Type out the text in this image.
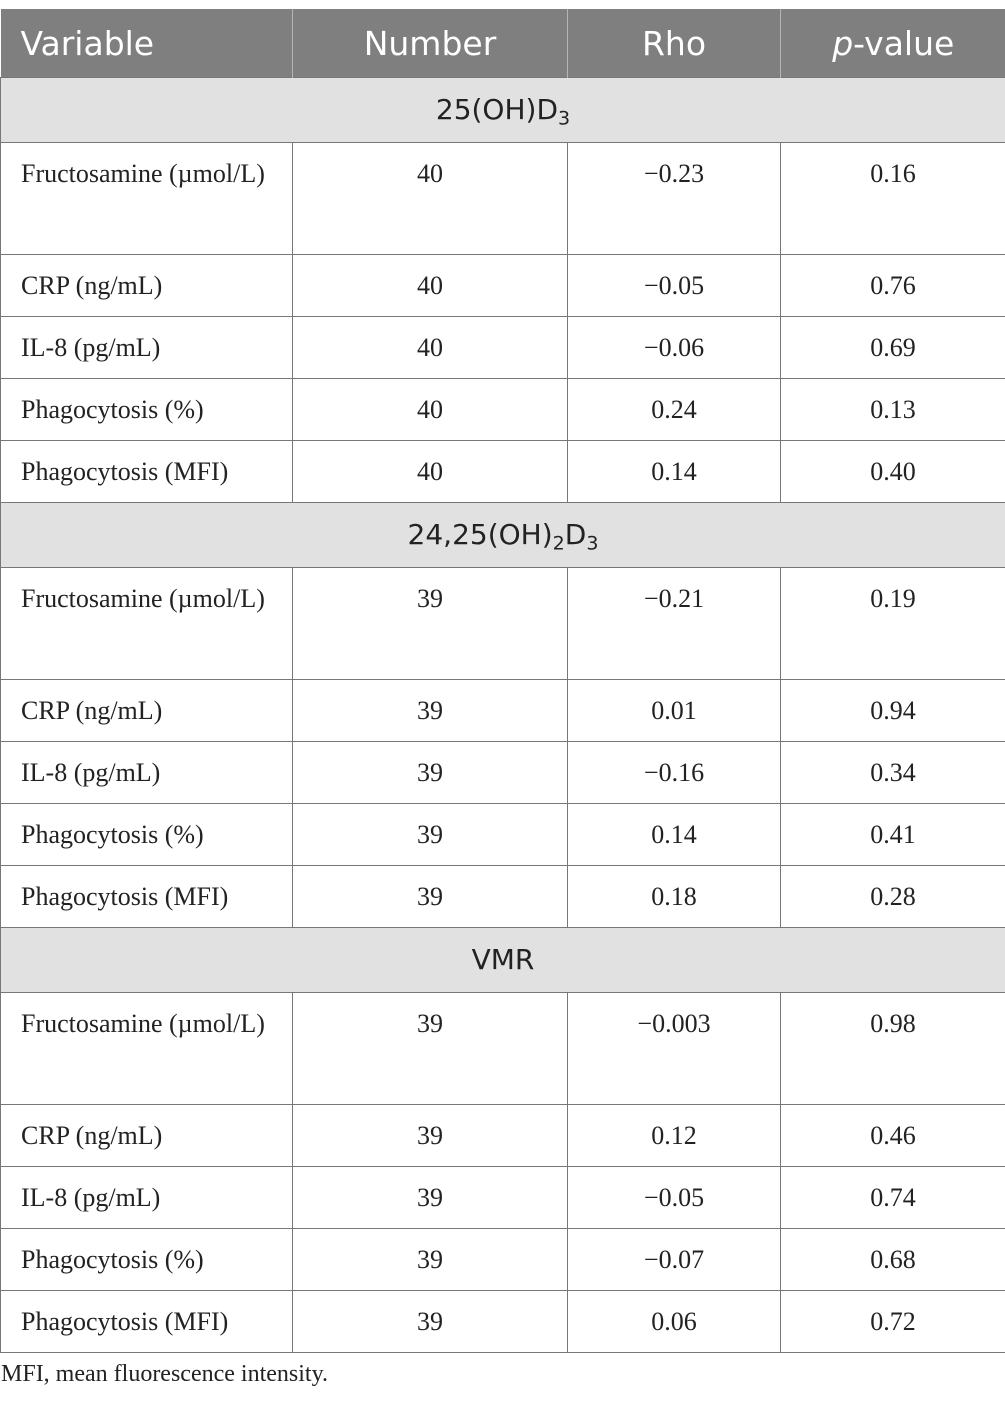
Variable	Number	Rho	p-value
$25(OH)D_3$
Fructosamine (µmol/L)	40	−0.23	0.16
CRP (ng/mL)	40	−0.05	0.76
IL-8 (pg/mL)	40	−0.06	0.69
Phagocytosis (%)	40	0.24	0.13
Phagocytosis (MFI)	40	0.14	0.40
$24,25(OH)_2D_3$
Fructosamine (µmol/L)	39	−0.21	0.19
CRP (ng/mL)	39	0.01	0.94
IL-8 (pg/mL)	39	−0.16	0.34
Phagocytosis (%)	39	0.14	0.41
Phagocytosis (MFI)	39	0.18	0.28
VMR			
Fructosamine (µmol/L)	39	−0.003	0.98
CRP (ng/mL)	39	0.12	0.46
IL-8 (pg/mL)	39	−0.05	0.74
Phagocytosis (%)	39	−0.07	0.68
Phagocytosis (MFI)	39	0.06	0.72
MFI, mean fluorescence intensity.
